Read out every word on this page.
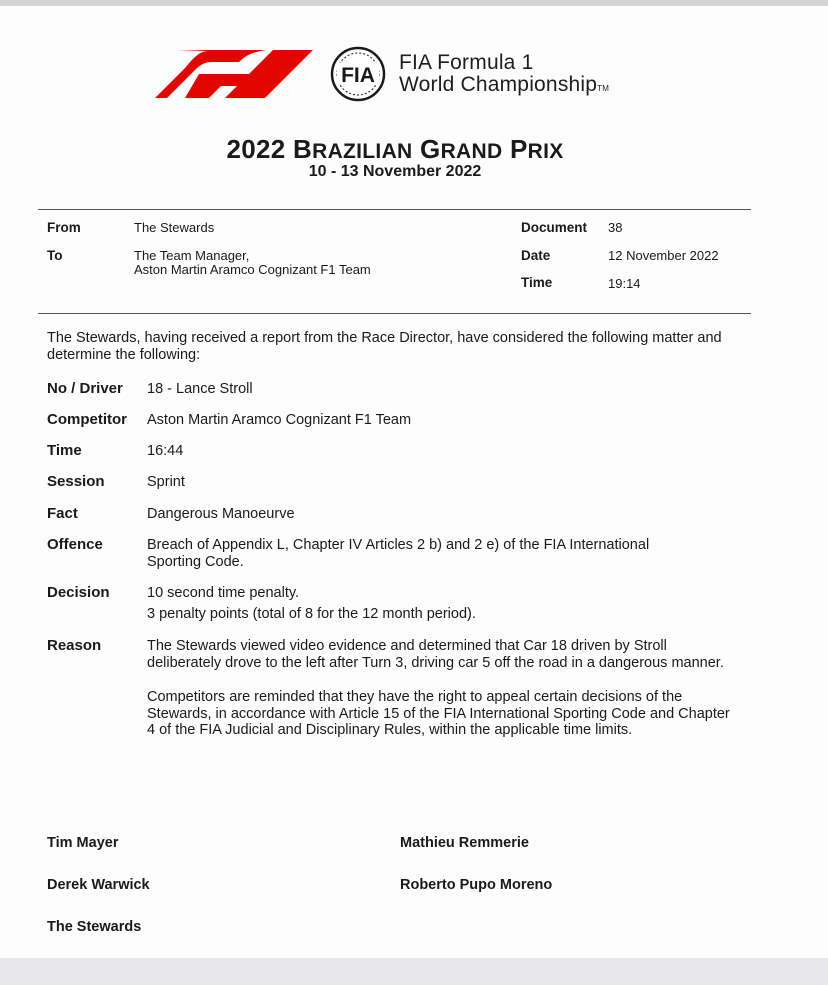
FIA
FIA Formula 1
World ChampionshipTM
2022 BRAZILIAN GRAND PRIX
10 - 13 November 2022
From	The Stewards
To	The Team Manager,
Aston Martin Aramco Cognizant F1 Team
Document 38
Date	12 November 2022
Time	19:14
The Stewards, having received a report from the Race Director, have considered the following matter and determine the following:
No / Driver 18 - Lance Stroll
Competitor Aston Martin Aramco Cognizant F1 Team
Time	16:44
Session	Sprint
Fact	Dangerous Manoeurve
Offence	Breach of Appendix L, Chapter IV Articles 2 b) and 2 e) of the FIA International Sporting Code.
Decision	10 second time penalty.
3 penalty points (total of 8 for the 12 month period).
Reason	The Stewards viewed video evidence and determined that Car 18 driven by Stroll deliberately drove to the left after Turn 3, driving car 5 off the road in a dangerous manner.
Competitors are reminded that they have the right to appeal certain decisions of the Stewards, in accordance with Article 15 of the FIA International Sporting Code and Chapter 4 of the FIA Judicial and Disciplinary Rules, within the applicable time limits.
Tim Mayer	Mathieu Remmerie
Derek Warwick	Roberto Pupo Moreno
The Stewards
